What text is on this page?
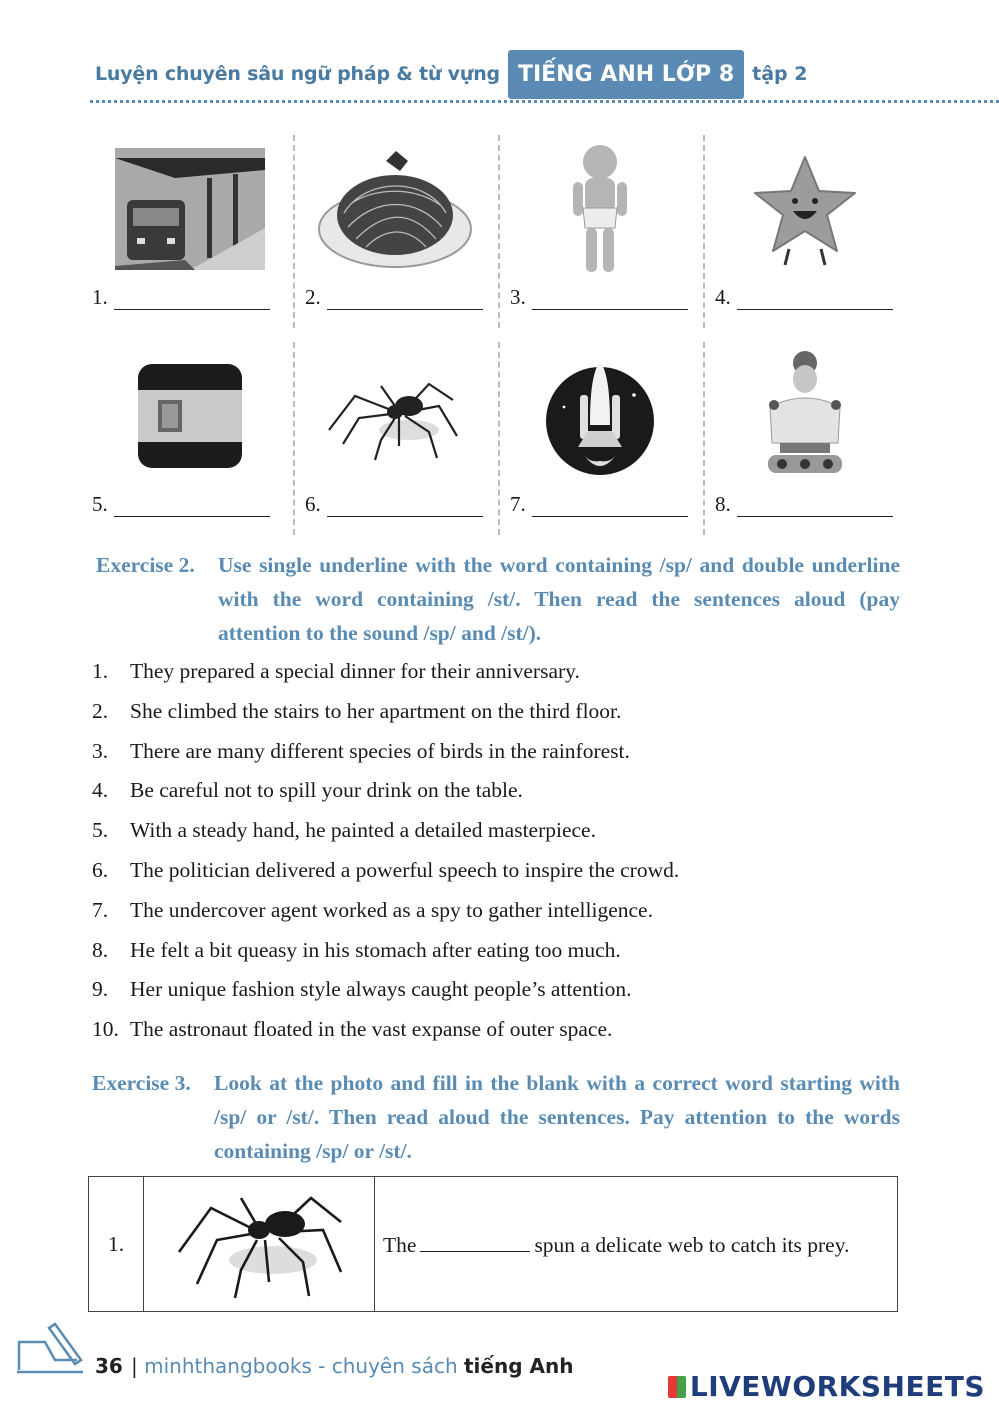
Luyện chuyên sâu ngữ pháp & từ vựng TIẾNG ANH LỚP 8 tập 2
1.	2.	3.	4.
5.	6.	7.	8.
Exercise 2. Use single underline with the word containing /sp/ and double underline with the word containing /st/. Then read the sentences aloud (pay attention to the sound /sp/ and /st/).
1.	They prepared a special dinner for their anniversary.
2.	She climbed the stairs to her apartment on the third floor.
3.	There are many different species of birds in the rainforest.
4.	Be careful not to spill your drink on the table.
5.	With a steady hand, he painted a detailed masterpiece.
6.	The politician delivered a powerful speech to inspire the crowd.
7.	The undercover agent worked as a spy to gather intelligence.
8.	He felt a bit queasy in his stomach after eating too much.
9.	Her unique fashion style always caught people’s attention.
10. The astronaut floated in the vast expanse of outer space.
Exercise 3. Look at the photo and fill in the blank with a correct word starting with /sp/ or /st/. Then read aloud the sentences. Pay attention to the words containing /sp/ or /st/.
1.		The	spun a delicate web to catch its prey.
36 | minhthangbooks - chuyên sách tiếng Anh
LIVEWORKSHEETS
